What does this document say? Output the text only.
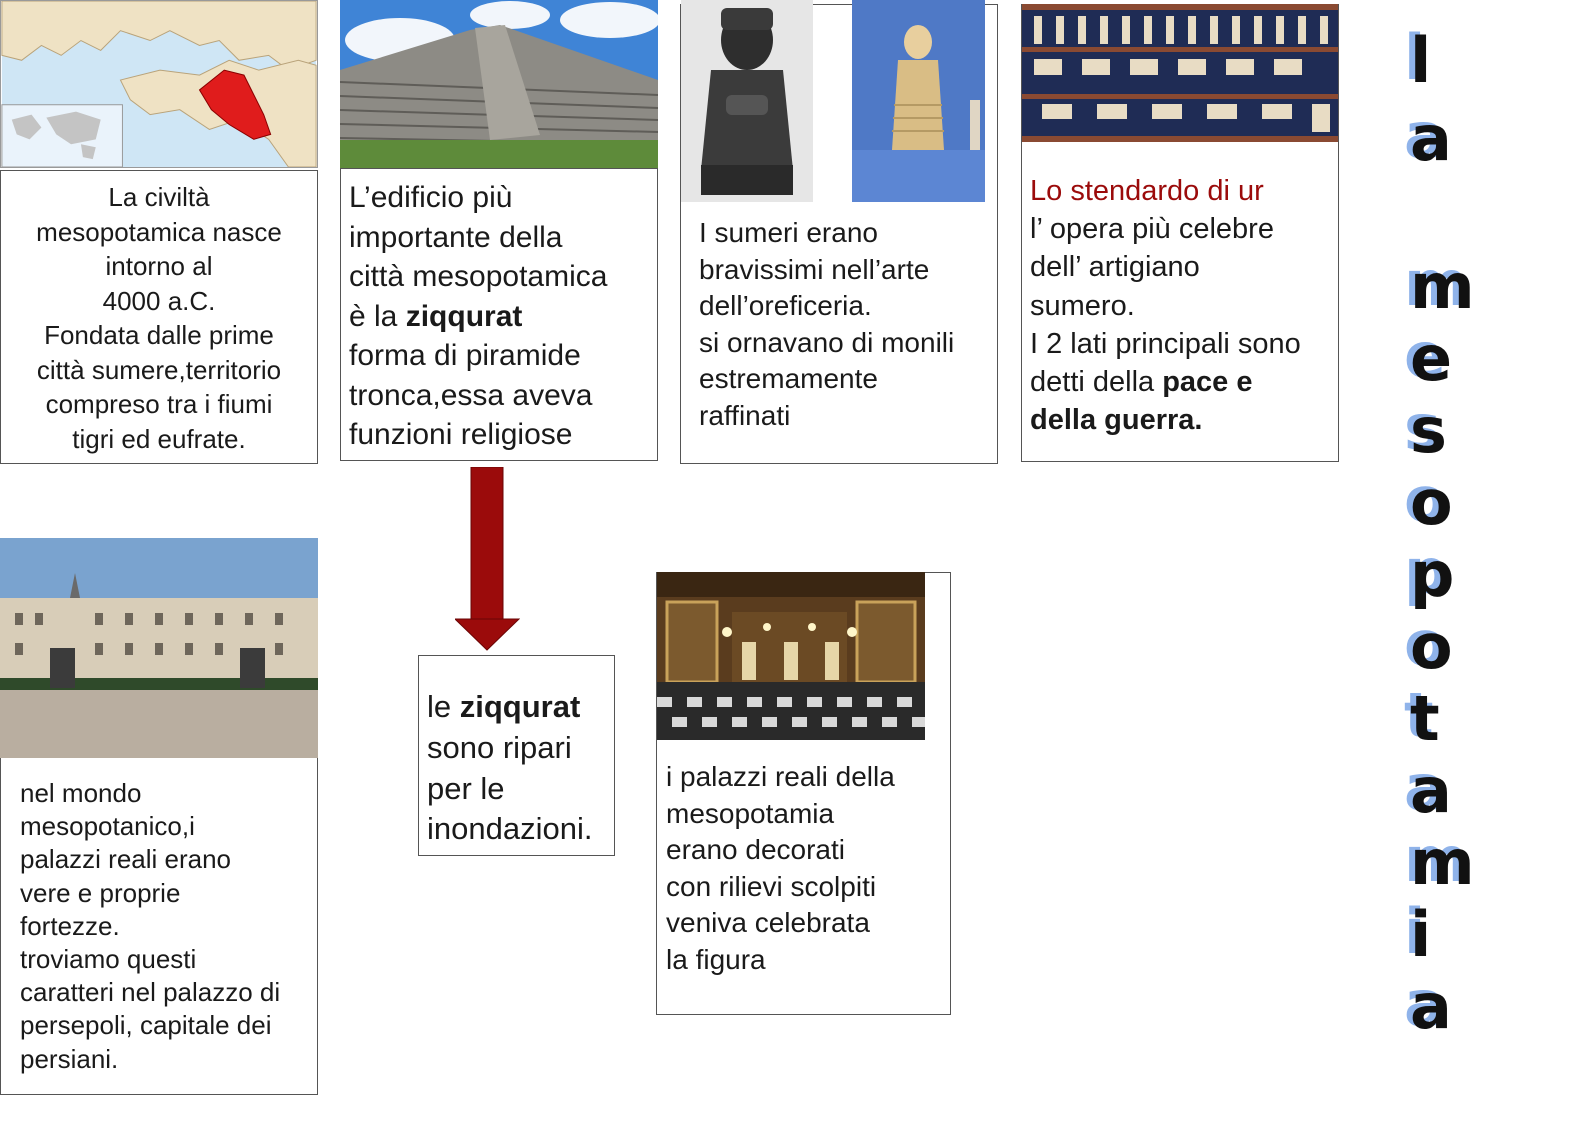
La civiltà

mesopotamica nasce

intorno al

4000 a.C.

Fondata dalle prime

città sumere,territorio

compreso tra i fiumi

tigri ed eufrate.

L’edificio più

importante della

città mesopotamica

è la ziqqurat

forma di piramide

tronca,essa aveva

funzioni religiose

I sumeri erano

bravissimi nell’arte

dell’oreficeria.

si ornavano di monili

estremamente

raffinati

Lo stendardo di ur

l’ opera più celebre

dell’ artigiano

sumero.

I 2 lati principali sono

detti della pace e

della guerra.

nel mondo

mesopotanico,i

palazzi reali erano

vere e proprie

fortezze.

troviamo questi

caratteri nel palazzo di

persepoli, capitale dei

persiani.

le ziqqurat

sono ripari

per le

inondazioni.

i palazzi reali della

mesopotamia

erano decorati

con rilievi scolpiti

veniva celebrata

la figura

l
a
m
e
s
o
p
o
t
a
m
i
a
